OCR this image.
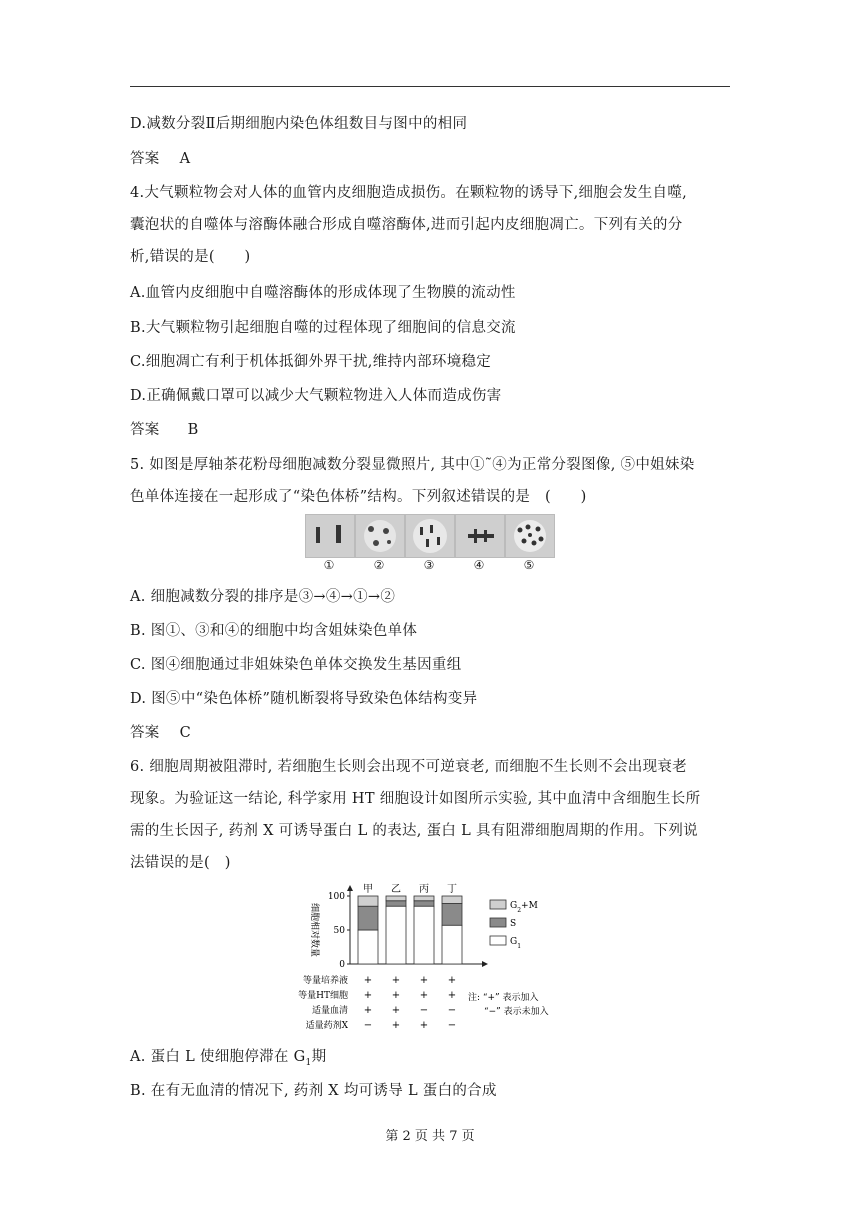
D.减数分裂Ⅱ后期细胞内染色体组数目与图中的相同
答案 A
4.大气颗粒物会对人体的血管内皮细胞造成损伤。在颗粒物的诱导下,细胞会发生自噬,
囊泡状的自噬体与溶酶体融合形成自噬溶酶体,进而引起内皮细胞凋亡。下列有关的分
析,错误的是(　　)
A.血管内皮细胞中自噬溶酶体的形成体现了生物膜的流动性
B.大气颗粒物引起细胞自噬的过程体现了细胞间的信息交流
C.细胞凋亡有利于机体抵御外界干扰,维持内部环境稳定
D.正确佩戴口罩可以减少大气颗粒物进入人体而造成伤害
答案 B
5. 如图是厚轴茶花粉母细胞减数分裂显微照片, 其中①˜④为正常分裂图像, ⑤中姐妹染
色单体连接在一起形成了“染色体桥”结构。下列叙述错误的是　(　　)
①	②	③	④	⑤
A. 细胞减数分裂的排序是③→④→①→②
B. 图①、③和④的细胞中均含姐妹染色单体
C. 图④细胞通过非姐妹染色单体交换发生基因重组
D. 图⑤中“染色体桥”随机断裂将导致染色体结构变异
答案 C
6. 细胞周期被阻滞时, 若细胞生长则会出现不可逆衰老, 而细胞不生长则不会出现衰老
现象。为验证这一结论, 科学家用 HT 细胞设计如图所示实验, 其中血清中含细胞生长所
需的生长因子, 药剂 X 可诱导蛋白 L 的表达, 蛋白 L 具有阻滞细胞周期的作用。下列说
法错误的是(　)
细胞相对数量
100
50
0
甲 乙 丙 丁
$G_2+M$
S
$G_1$
等量培养液 + + + +
等量HT细胞 + + + +
适量血清 + + − −
适量药剂X − + + −
注: “+” 表示加入
“−” 表示未加入
A. 蛋白 L 使细胞停滞在 $G_1$期
B. 在有无血清的情况下, 药剂 X 均可诱导 L 蛋白的合成
第 2 页 共 7 页
